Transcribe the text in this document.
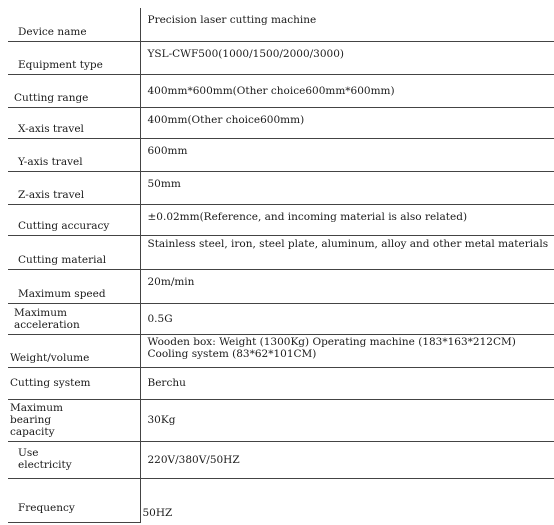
Device name	Precision laser cutting machine
Equipment type	YSL-CWF500(1000/1500/2000/3000)
Cutting range	400mm*600mm(Other choice600mm*600mm)
X-axis travel	400mm(Other choice600mm)
Y-axis travel	600mm
Z-axis travel	50mm
Cutting accuracy	±0.02mm(Reference, and incoming material is also related)
Cutting material	Stainless steel, iron, steel plate, aluminum, alloy and other metal materials
Maximum speed	20m/min
Maximum acceleration	0.5G
Weight/volume	Wooden box: Weight (1300Kg) Operating machine (183*163*212CM) Cooling system (83*62*101CM)
Cutting system	Berchu
Maximum bearing capacity	30Kg
Use electricity	220V/380V/50HZ
Frequency	50HZ
